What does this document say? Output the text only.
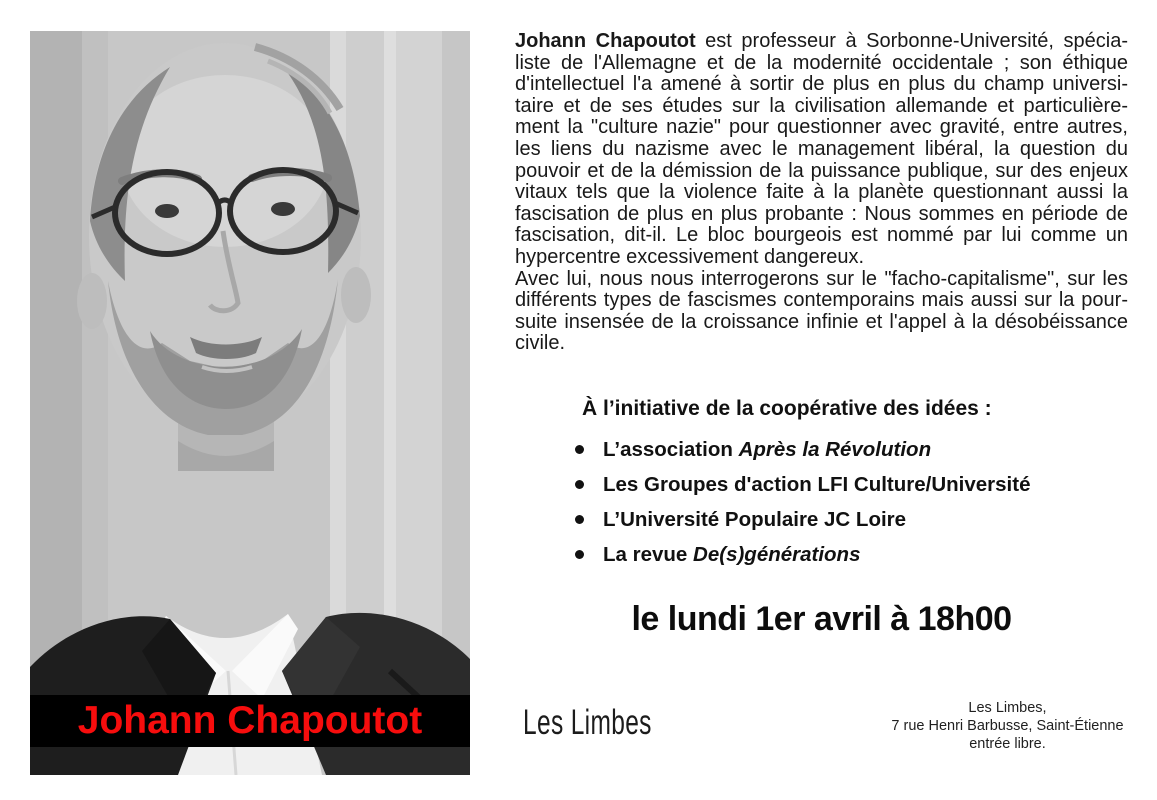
Johann Chapoutot
Johann Chapoutot est professeur à Sorbonne-Université, spécia-
liste de l'Allemagne et de la modernité occidentale ; son éthique
d'intellectuel l'a amené à sortir de plus en plus du champ universi-
taire et de ses études sur la civilisation allemande et particulière-
ment la "culture nazie" pour questionner avec gravité, entre autres,
les liens du nazisme avec le management libéral, la question du
pouvoir et de la démission de la puissance publique, sur des enjeux
vitaux tels que la violence faite à la planète questionnant aussi la
fascisation de plus en plus probante : Nous sommes en période de
fascisation, dit-il. Le bloc bourgeois est nommé par lui comme un
hypercentre excessivement dangereux.
Avec lui, nous nous interrogerons sur le "facho-capitalisme", sur les
différents types de fascismes contemporains mais aussi sur la pour-
suite insensée de la croissance infinie et l'appel à la désobéissance
civile.
À l’initiative de la coopérative des idées :
L’association Après la Révolution
Les Groupes d'action LFI Culture/Université
L’Université Populaire JC Loire
La revue De(s)générations
le lundi 1er avril à 18h00
Les Limbes	Les Limbes,
7 rue Henri Barbusse, Saint-Étienne
entrée libre.
